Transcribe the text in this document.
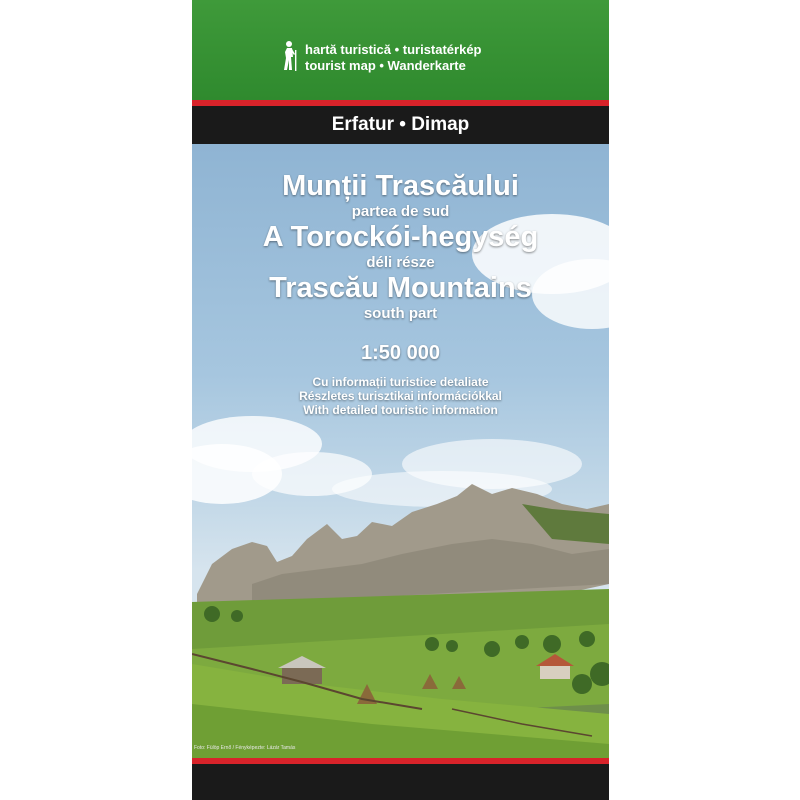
hartă turistică • turistatérkép
tourist map • Wanderkarte
Erfatur • Dimap
Munții Trascăului
partea de sud
A Torockói-hegység
déli része
Trascău Mountains
south part
1:50 000
Cu informații turistice detaliate
Részletes turisztikai információkkal
With detailed touristic information
Foto: Fülöp Ernő / Fényképezte: Lázár Tamás
